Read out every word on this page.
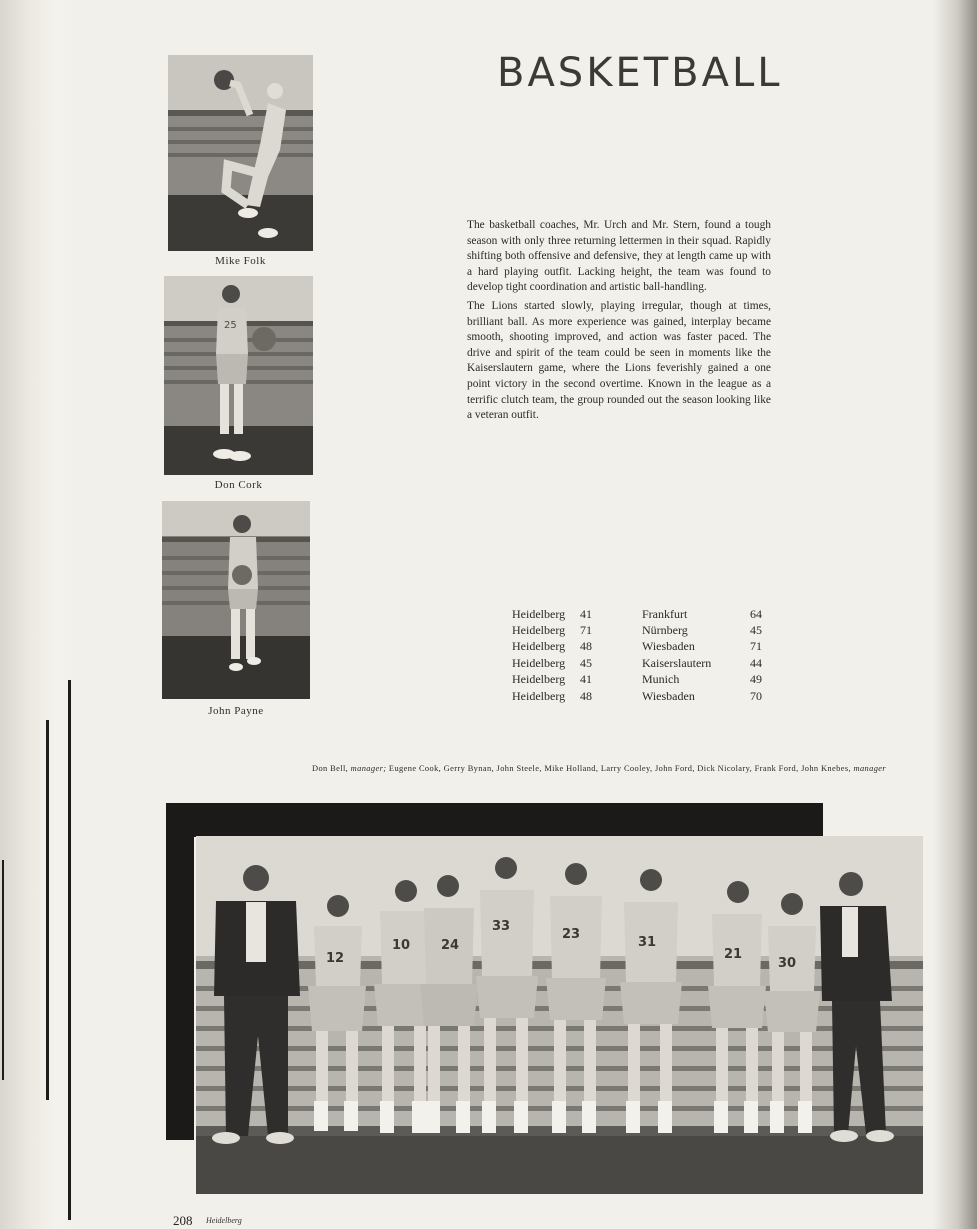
BASKETBALL
Mike Folk
25
Don Cork
John Payne

The basketball coaches, Mr. Urch and Mr. Stern, found a tough season with only three returning lettermen in their squad. Rapidly shifting both offensive and defensive, they at length came up with a hard playing outfit. Lacking height, the team was found to develop tight coordination and artistic ball-handling.

The Lions started slowly, playing irregular, though at times, brilliant ball. As more experience was gained, interplay became smooth, shooting improved, and action was faster paced. The drive and spirit of the team could be seen in moments like the Kaiserslautern game, where the Lions feverishly gained a one point victory in the second overtime. Known in the league as a terrific clutch team, the group rounded out the season looking like a veteran outfit.

Heidelberg	41	Frankfurt	64
Heidelberg	71	Nürnberg	45
Heidelberg	48	Wiesbaden	71
Heidelberg	45	Kaiserslautern	44
Heidelberg	41	Munich	49
Heidelberg	48	Wiesbaden	70
Don Bell, manager; Eugene Cook, Gerry Bynan, John Steele, Mike Holland, Larry Cooley, John Ford, Dick Nicolary, Frank Ford, John Knebes, manager
12
10 24
33
23
31
21
30
208 Heidelberg
